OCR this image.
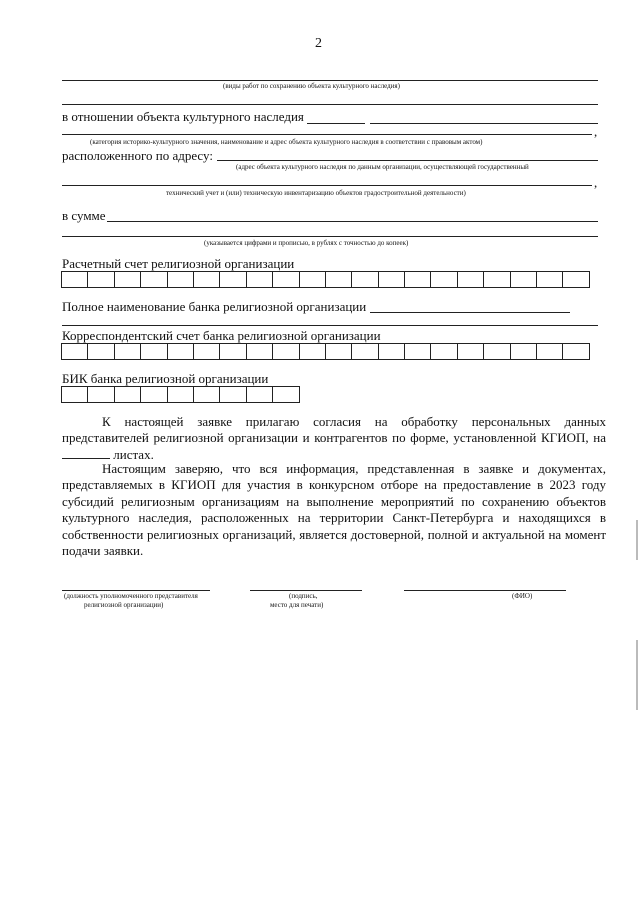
2
(виды работ по сохранению объекта культурного наследия)
в отношении объекта культурного наследия
,
(категория историко-культурного значения, наименование и адрес объекта культурного наследия в соответствии с правовым актом)
расположенного по адресу:
(адрес объекта культурного наследия по данным организации, осуществляющей государственный
,
технический учет и (или) техническую инвентаризацию объектов градостроительной деятельности)
в сумме
(указывается цифрами и прописью, в рублях с точностью до копеек)
Расчетный счет религиозной организации
Полное наименование банка религиозной организации
Корреспондентский счет банка религиозной организации
БИК банка религиозной организации
К настоящей заявке прилагаю согласия на обработку персональных данных представителей религиозной организации и контрагентов по форме, установленной КГИОП, на  листах.
Настоящим заверяю, что вся информация, представленная в заявке и документах, представляемых в КГИОП для участия в конкурсном отборе на предоставление в 2023 году субсидий религиозным организациям на выполнение мероприятий по сохранению объектов культурного наследия, расположенных на территории Санкт-Петербурга и находящихся в собственности религиозных организаций, является достоверной, полной и актуальной на момент подачи заявки.
(должность уполномоченного представителя
религиозной организации)
(подпись,
место для печати)
(ФИО)
